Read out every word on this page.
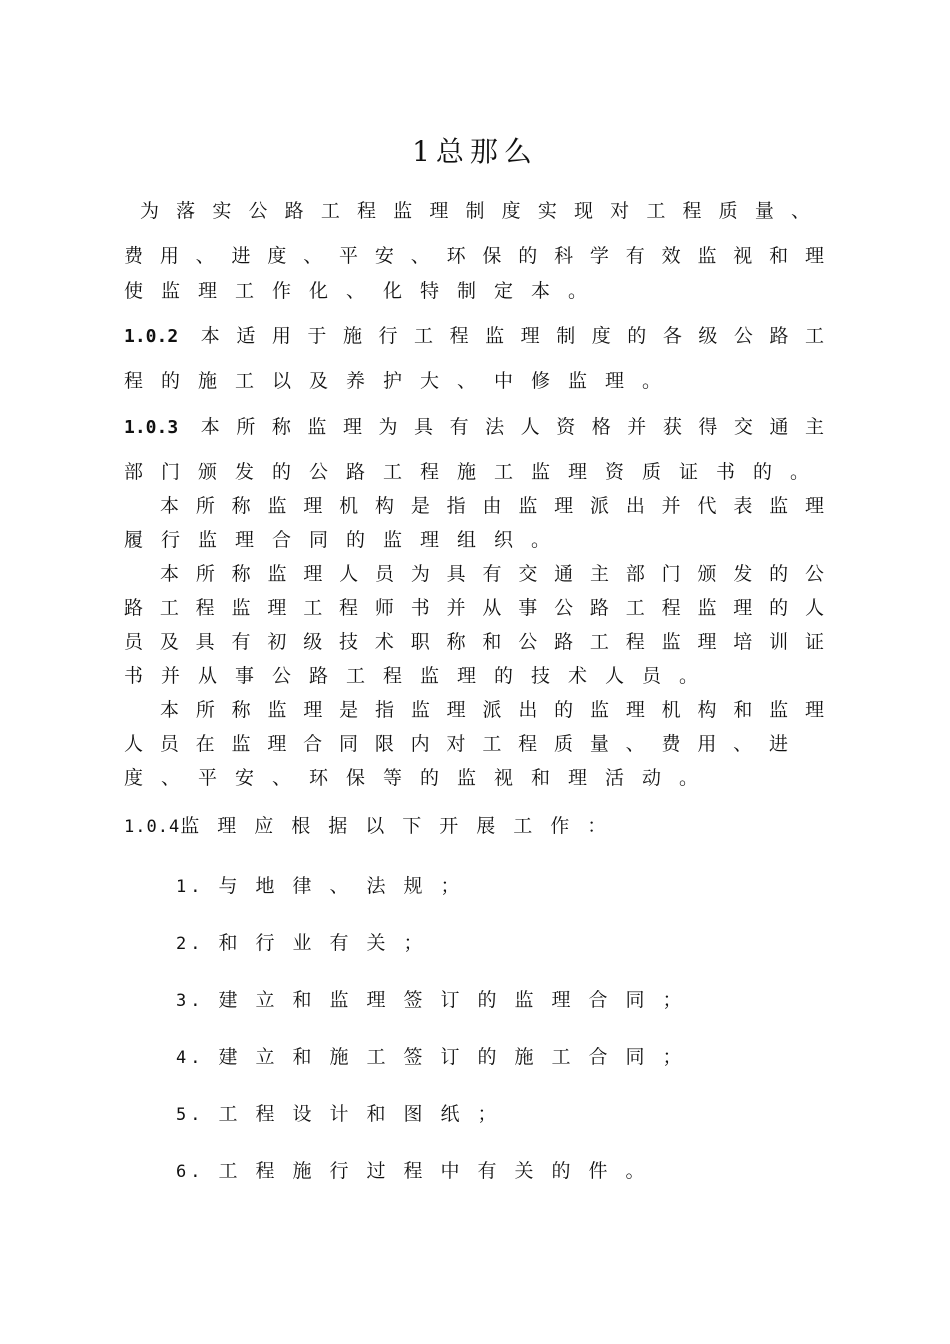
1总那么
为落实公路工程监理制度实现对工程质量、
费用、进度、平安、环保的科学有效监视和理
使监理工作化、化特制定本。
1.0.2 本适用于施行工程监理制度的各级公路工
程的施工以及养护大、中修监理。
1.0.3 本所称监理为具有法人资格并获得交通主
部门颁发的公路工程施工监理资质证书的。
本所称监理机构是指由监理派出并代表监理
履行监理合同的监理组织。
本所称监理人员为具有交通主部门颁发的公
路工程监理工程师书并从事公路工程监理的人
员及具有初级技术职称和公路工程监理培训证
书并从事公路工程监理的技术人员。
本所称监理是指监理派出的监理机构和监理
人员在监理合同限内对工程质量、费用、进
度、平安、环保等的监视和理活动。
1.0.4监理应根据以下开展工作：
1. 与地律、法规；
2. 和行业有关；
3. 建立和监理签订的监理合同；
4. 建立和施工签订的施工合同；
5. 工程设计和图纸；
6. 工程施行过程中有关的件。
